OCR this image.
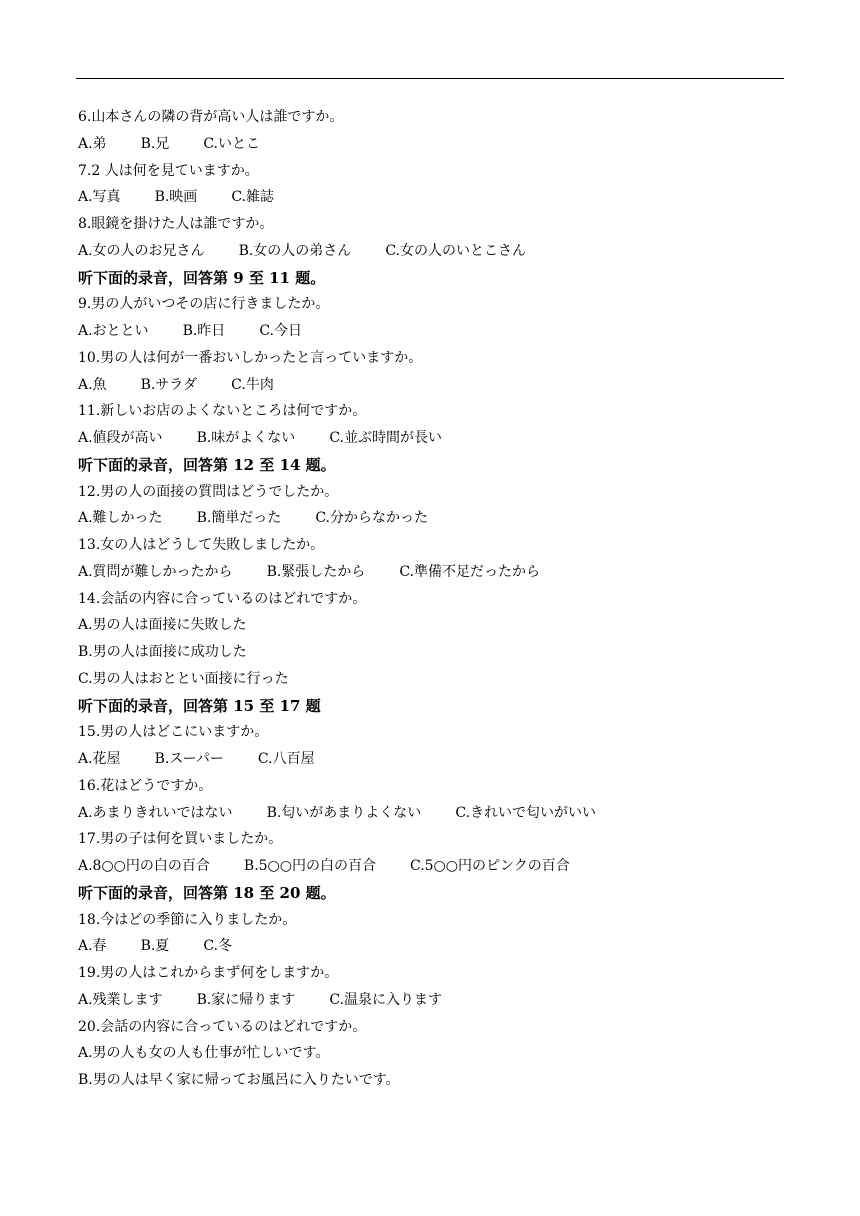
6.山本さんの隣の背が高い人は誰ですか。
A.弟 B.兄 C.いとこ
7.2 人は何を見ていますか。
A.写真 B.映画 C.雑誌
8.眼鏡を掛けた人は誰ですか。
A.女の人のお兄さん B.女の人の弟さん C.女の人のいとこさん
听下面的录音，回答第 9 至 11 题。
9.男の人がいつその店に行きましたか。
A.おととい B.昨日 C.今日
10.男の人は何が一番おいしかったと言っていますか。
A.魚 B.サラダ C.牛肉
11.新しいお店のよくないところは何ですか。
A.値段が高い B.味がよくない C.並ぶ時間が長い
听下面的录音，回答第 12 至 14 题。
12.男の人の面接の質問はどうでしたか。
A.難しかった B.簡単だった C.分からなかった
13.女の人はどうして失敗しましたか。
A.質問が難しかったから B.緊張したから C.準備不足だったから
14.会話の内容に合っているのはどれですか。
A.男の人は面接に失敗した
B.男の人は面接に成功した
C.男の人はおととい面接に行った
听下面的录音，回答第 15 至 17 题
15.男の人はどこにいますか。
A.花屋 B.スーパー C.八百屋
16.花はどうですか。
A.あまりきれいではない B.匂いがあまりよくない C.きれいで匂いがいい
17.男の子は何を買いましたか。
A.8○○円の白の百合 B.5○○円の白の百合 C.5○○円のピンクの百合
听下面的录音，回答第 18 至 20 题。
18.今はどの季節に入りましたか。
A.春 B.夏 C.冬
19.男の人はこれからまず何をしますか。
A.残業します B.家に帰ります C.温泉に入ります
20.会話の内容に合っているのはどれですか。
A.男の人も女の人も仕事が忙しいです。
B.男の人は早く家に帰ってお風呂に入りたいです。
